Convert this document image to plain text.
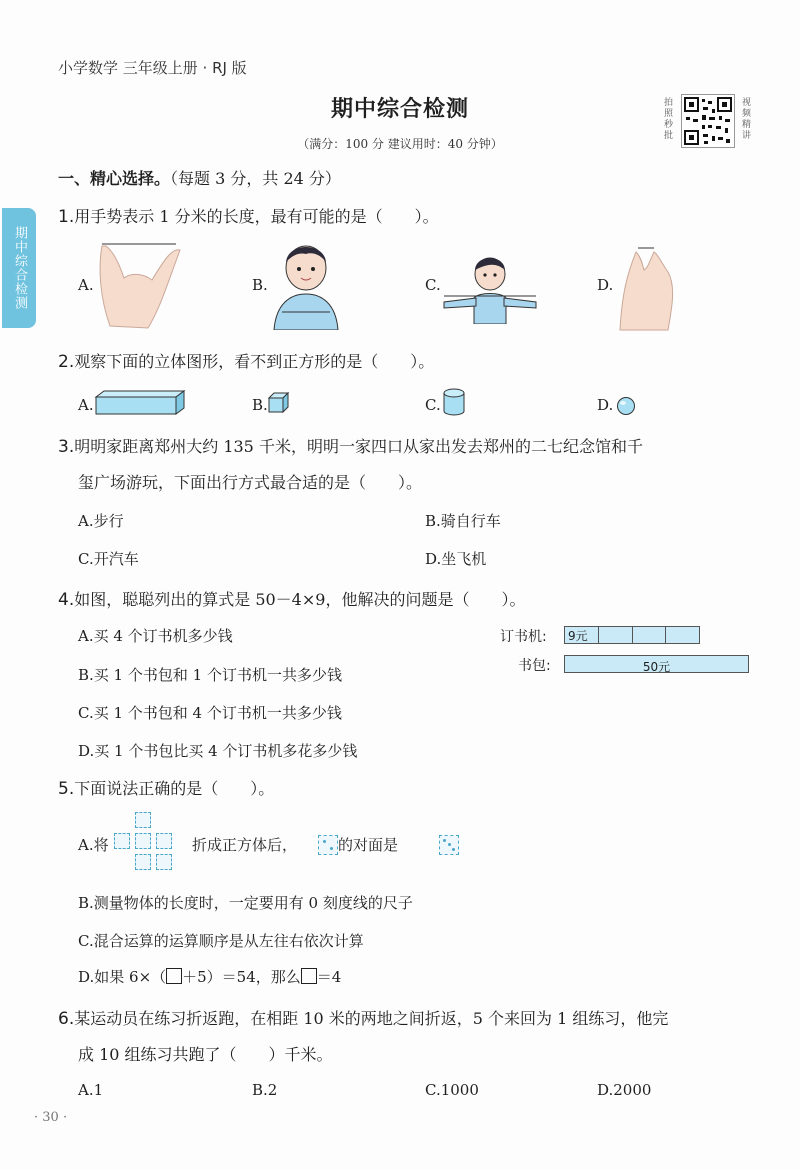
小学数学 三年级上册 · RJ 版
期中综合检测
（满分：100 分 建议用时：40 分钟）
拍照秒批
视频精讲
期中综合检测
一、精心选择。（每题 3 分，共 24 分）
1.用手势表示 1 分米的长度，最有可能的是（　　）。
A.	B.	C.	D.
2.观察下面的立体图形，看不到正方形的是（　　）。
A.	B.	C.	D.
3.明明家距离郑州大约 135 千米，明明一家四口从家出发去郑州的二七纪念馆和千
玺广场游玩，下面出行方式最合适的是（　　）。
A.步行	B.骑自行车
C.开汽车	D.坐飞机
4.如图，聪聪列出的算式是 50－4×9，他解决的问题是（　　）。
A.买 4 个订书机多少钱
B.买 1 个书包和 1 个订书机一共多少钱
C.买 1 个书包和 4 个订书机一共多少钱
D.买 1 个书包比买 4 个订书机多花多少钱
订书机: 9元
书包:	50元
5.下面说法正确的是（　　）。
A.将	折成正方体后，
	的对面是
B.测量物体的长度时，一定要用有 0 刻度线的尺子
C.混合运算的运算顺序是从左往右依次计算
D.如果 6×（ ＋5）＝54，那么 ＝4
6.某运动员在练习折返跑，在相距 10 米的两地之间折返，5 个来回为 1 组练习，他完
成 10 组练习共跑了（　　）千米。
A.1	B.2	C.1000	D.2000
· 30 ·
